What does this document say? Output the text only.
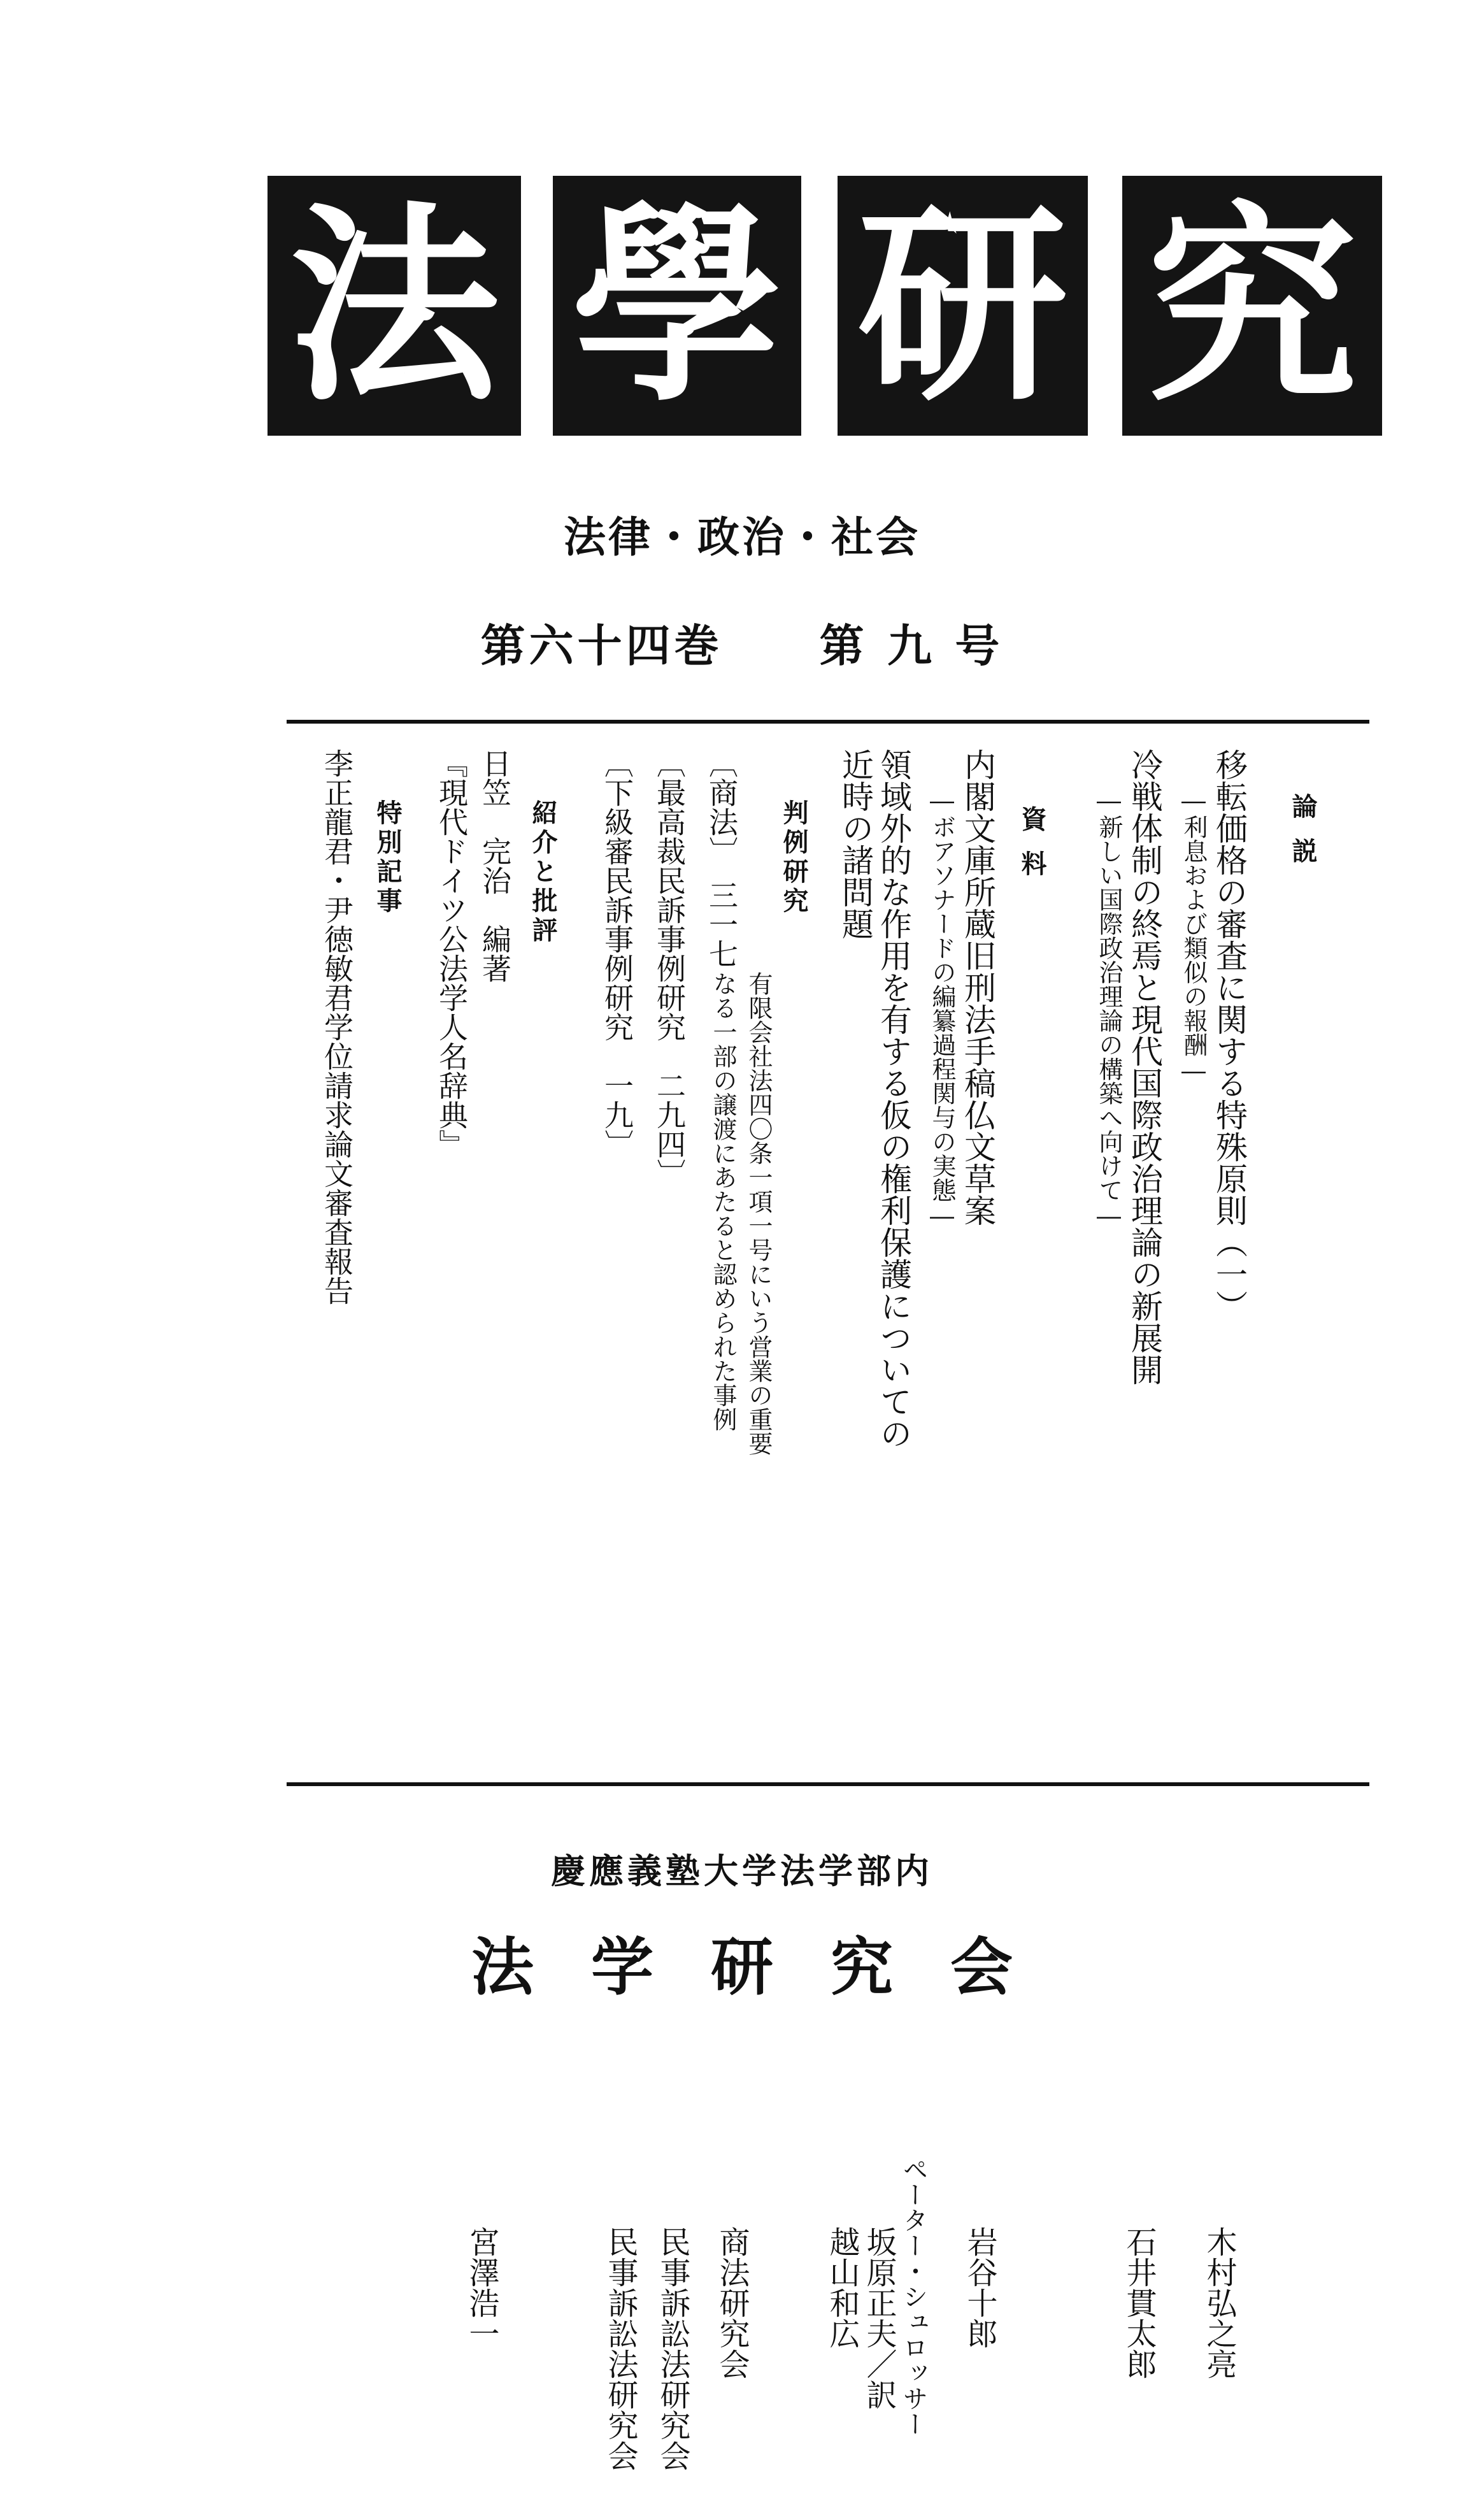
法 學 研 究
法律・政治・社会
第六十四巻　　第 九 号
論説
移転価格の審査に関する特殊原則（一）
―利息および類似の報酬―
木村弘之亮
冷戦体制の終焉と現代国際政治理論の新展開
―新しい国際政治理論の構築へ向けて―
石井貫太郎
資料
内閣文庫所蔵旧刑法手稿仏文草案
―ボアソナードの編纂過程関与の実態―
岩谷十郎
領域外的な作用を有する仮の権利保護についての
近時の諸問題
ペーター・シュロッサー
坂原正夫／訳
越山和広
判例研究
〔商法〕　三一七
有限会社法四〇条一項一号にいう営業の重要
なる一部の譲渡にあたると認められた事例
商法研究会
〔最高裁民訴事例研究　二九四〕
民事訴訟法研究会
〔下級審民訴事例研究　一九〕
民事訴訟法研究会
紹介と批評
日笠　完治　編著
『現代ドイツ公法学人名辞典』
宮澤浩一
特別記事
李正龍君・尹徳敏君学位請求論文審査報告
慶應義塾大学法学部内
法学研究会
